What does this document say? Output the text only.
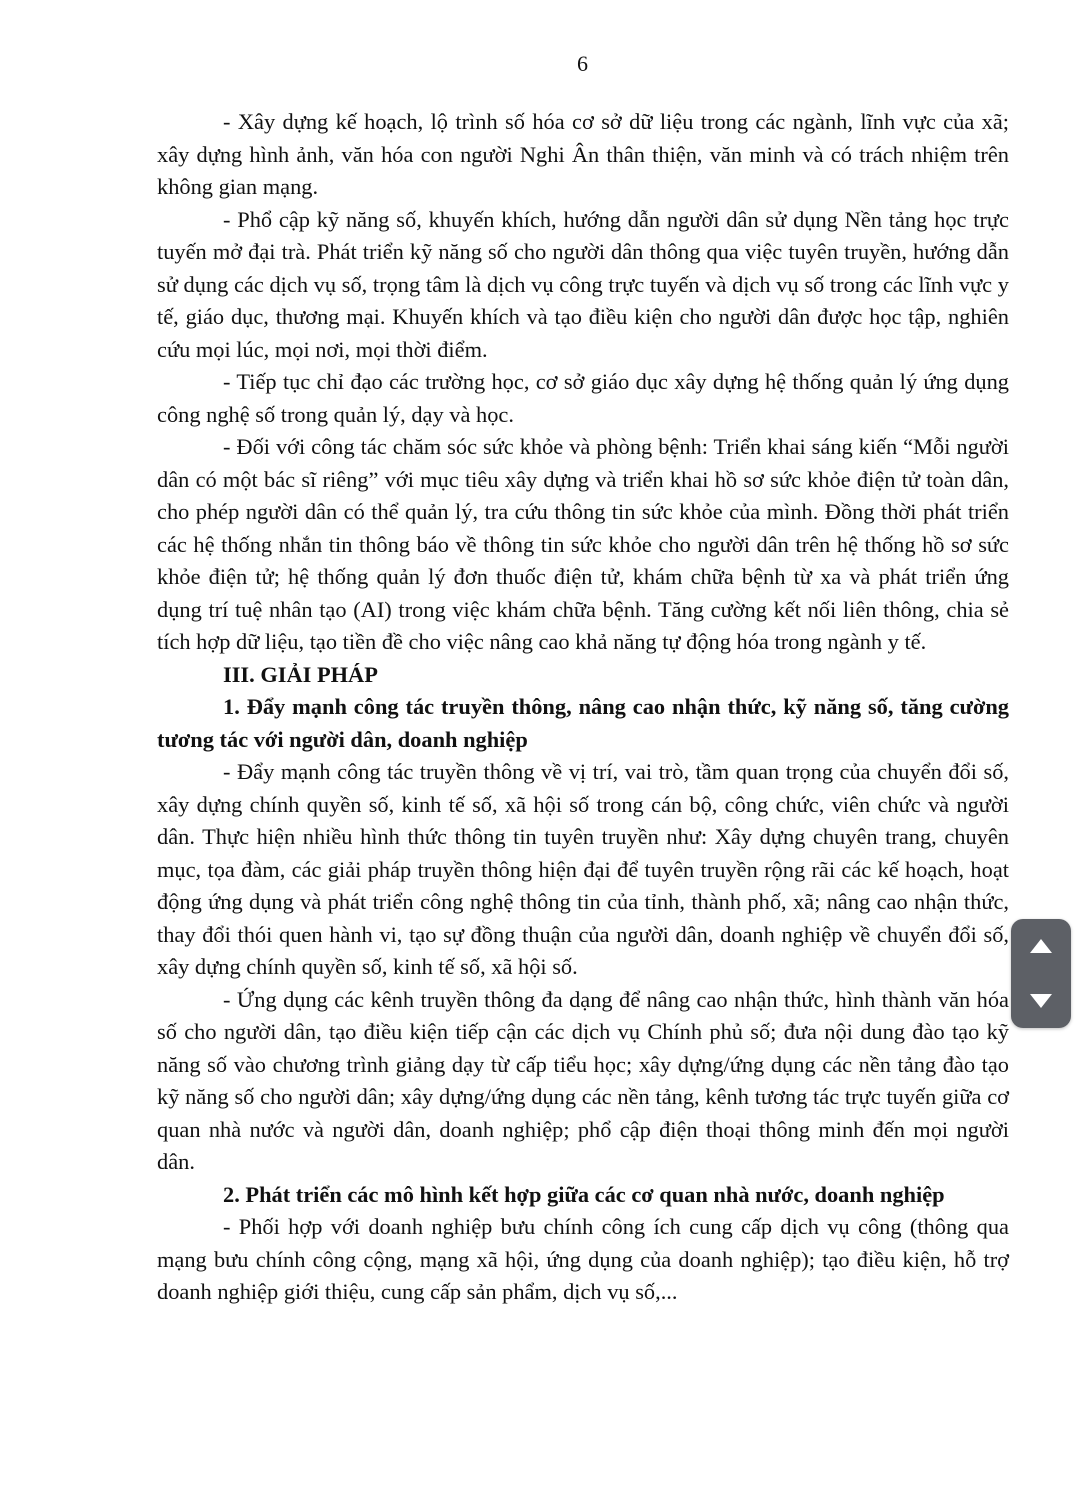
6

- Xây dựng kế hoạch, lộ trình số hóa cơ sở dữ liệu trong các ngành, lĩnh vực của xã; xây dựng hình ảnh, văn hóa con người Nghi Ân thân thiện, văn minh và có trách nhiệm trên không gian mạng.

- Phổ cập kỹ năng số, khuyến khích, hướng dẫn người dân sử dụng Nền tảng học trực tuyến mở đại trà. Phát triển kỹ năng số cho người dân thông qua việc tuyên truyền, hướng dẫn sử dụng các dịch vụ số, trọng tâm là dịch vụ công trực tuyến và dịch vụ số trong các lĩnh vực y tế, giáo dục, thương mại. Khuyến khích và tạo điều kiện cho người dân được học tập, nghiên cứu mọi lúc, mọi nơi, mọi thời điểm.

- Tiếp tục chỉ đạo các trường học, cơ sở giáo dục xây dựng hệ thống quản lý ứng dụng công nghệ số trong quản lý, dạy và học.

- Đối với công tác chăm sóc sức khỏe và phòng bệnh: Triển khai sáng kiến “Mỗi người dân có một bác sĩ riêng” với mục tiêu xây dựng và triển khai hồ sơ sức khỏe điện tử toàn dân, cho phép người dân có thể quản lý, tra cứu thông tin sức khỏe của mình. Đồng thời phát triển các hệ thống nhắn tin thông báo về thông tin sức khỏe cho người dân trên hệ thống hồ sơ sức khỏe điện tử; hệ thống quản lý đơn thuốc điện tử, khám chữa bệnh từ xa và phát triển ứng dụng trí tuệ nhân tạo (AI) trong việc khám chữa bệnh. Tăng cường kết nối liên thông, chia sẻ tích hợp dữ liệu, tạo tiền đề cho việc nâng cao khả năng tự động hóa trong ngành y tế.

III. GIẢI PHÁP

1. Đẩy mạnh công tác truyền thông, nâng cao nhận thức, kỹ năng số, tăng cường tương tác với người dân, doanh nghiệp

- Đẩy mạnh công tác truyền thông về vị trí, vai trò, tầm quan trọng của chuyển đổi số, xây dựng chính quyền số, kinh tế số, xã hội số trong cán bộ, công chức, viên chức và người dân. Thực hiện nhiều hình thức thông tin tuyên truyền như: Xây dựng chuyên trang, chuyên mục, tọa đàm, các giải pháp truyền thông hiện đại để tuyên truyền rộng rãi các kế hoạch, hoạt động ứng dụng và phát triển công nghệ thông tin của tỉnh, thành phố, xã; nâng cao nhận thức, thay đổi thói quen hành vi, tạo sự đồng thuận của người dân, doanh nghiệp về chuyển đổi số, xây dựng chính quyền số, kinh tế số, xã hội số.

- Ứng dụng các kênh truyền thông đa dạng để nâng cao nhận thức, hình thành văn hóa số cho người dân, tạo điều kiện tiếp cận các dịch vụ Chính phủ số; đưa nội dung đào tạo kỹ năng số vào chương trình giảng dạy từ cấp tiểu học; xây dựng/ứng dụng các nền tảng đào tạo kỹ năng số cho người dân; xây dựng/ứng dụng các nền tảng, kênh tương tác trực tuyến giữa cơ quan nhà nước và người dân, doanh nghiệp; phổ cập điện thoại thông minh đến mọi người dân.

2. Phát triển các mô hình kết hợp giữa các cơ quan nhà nước, doanh nghiệp

- Phối hợp với doanh nghiệp bưu chính công ích cung cấp dịch vụ công (thông qua mạng bưu chính công cộng, mạng xã hội, ứng dụng của doanh nghiệp); tạo điều kiện, hỗ trợ doanh nghiệp giới thiệu, cung cấp sản phẩm, dịch vụ số,...
